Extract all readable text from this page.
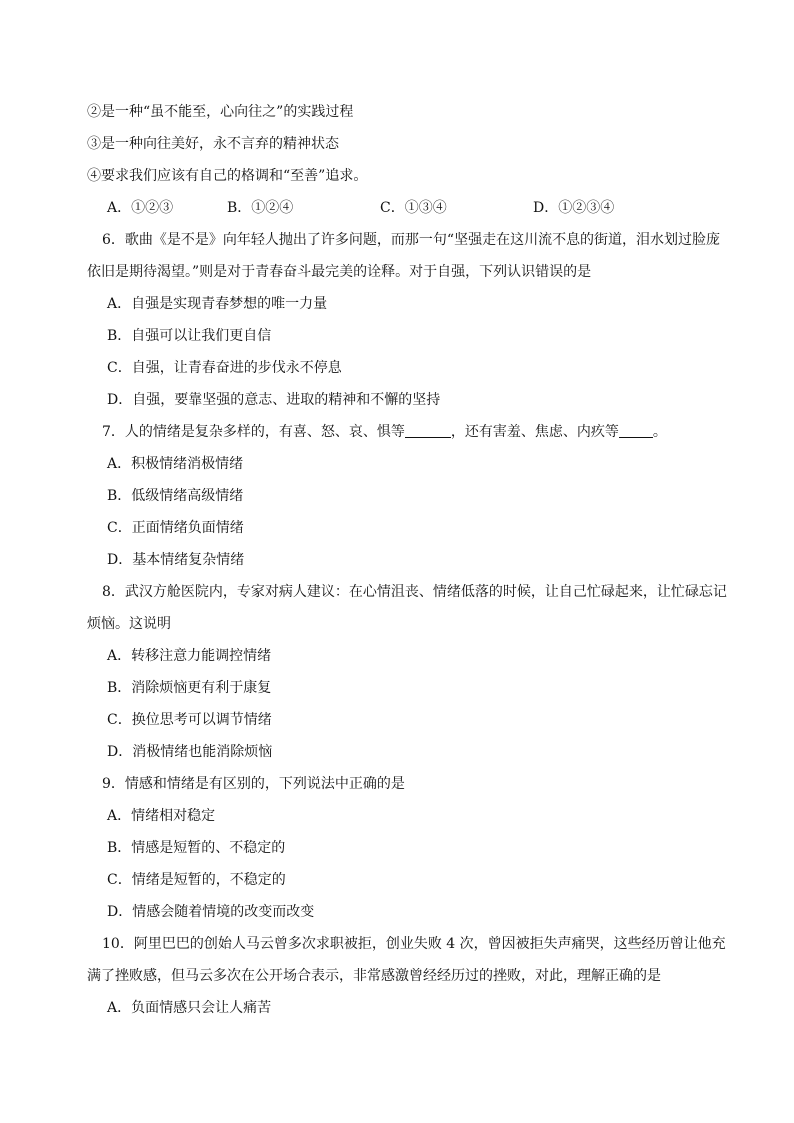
②是一种“虽不能至，心向往之”的实践过程
③是一种向往美好，永不言弃的精神状态
④要求我们应该有自己的格调和“至善”追求。
A．①②③	B．①②④	C．①③④	D．①②③④
6．歌曲《是不是》向年轻人抛出了许多问题，而那一句“坚强走在这川流不息的街道，泪水划过脸庞
依旧是期待渴望。”则是对于青春奋斗最完美的诠释。对于自强，下列认识错误的是
A．自强是实现青春梦想的唯一力量
B．自强可以让我们更自信
C．自强，让青春奋进的步伐永不停息
D．自强，要靠坚强的意志、进取的精神和不懈的坚持
7．人的情绪是复杂多样的，有喜、怒、哀、惧等	，还有害羞、焦虑、内疚等 。
A．积极情绪消极情绪
B．低级情绪高级情绪
C．正面情绪负面情绪
D．基本情绪复杂情绪
8．武汉方舱医院内，专家对病人建议：在心情沮丧、情绪低落的时候，让自己忙碌起来，让忙碌忘记
烦恼。这说明
A．转移注意力能调控情绪
B．消除烦恼更有利于康复
C．换位思考可以调节情绪
D．消极情绪也能消除烦恼
9．情感和情绪是有区别的，下列说法中正确的是
A．情绪相对稳定
B．情感是短暂的、不稳定的
C．情绪是短暂的，不稳定的
D．情感会随着情境的改变而改变
10．阿里巴巴的创始人马云曾多次求职被拒，创业失败 4 次，曾因被拒失声痛哭，这些经历曾让他充
满了挫败感，但马云多次在公开场合表示，非常感激曾经经历过的挫败，对此，理解正确的是
A．负面情感只会让人痛苦
